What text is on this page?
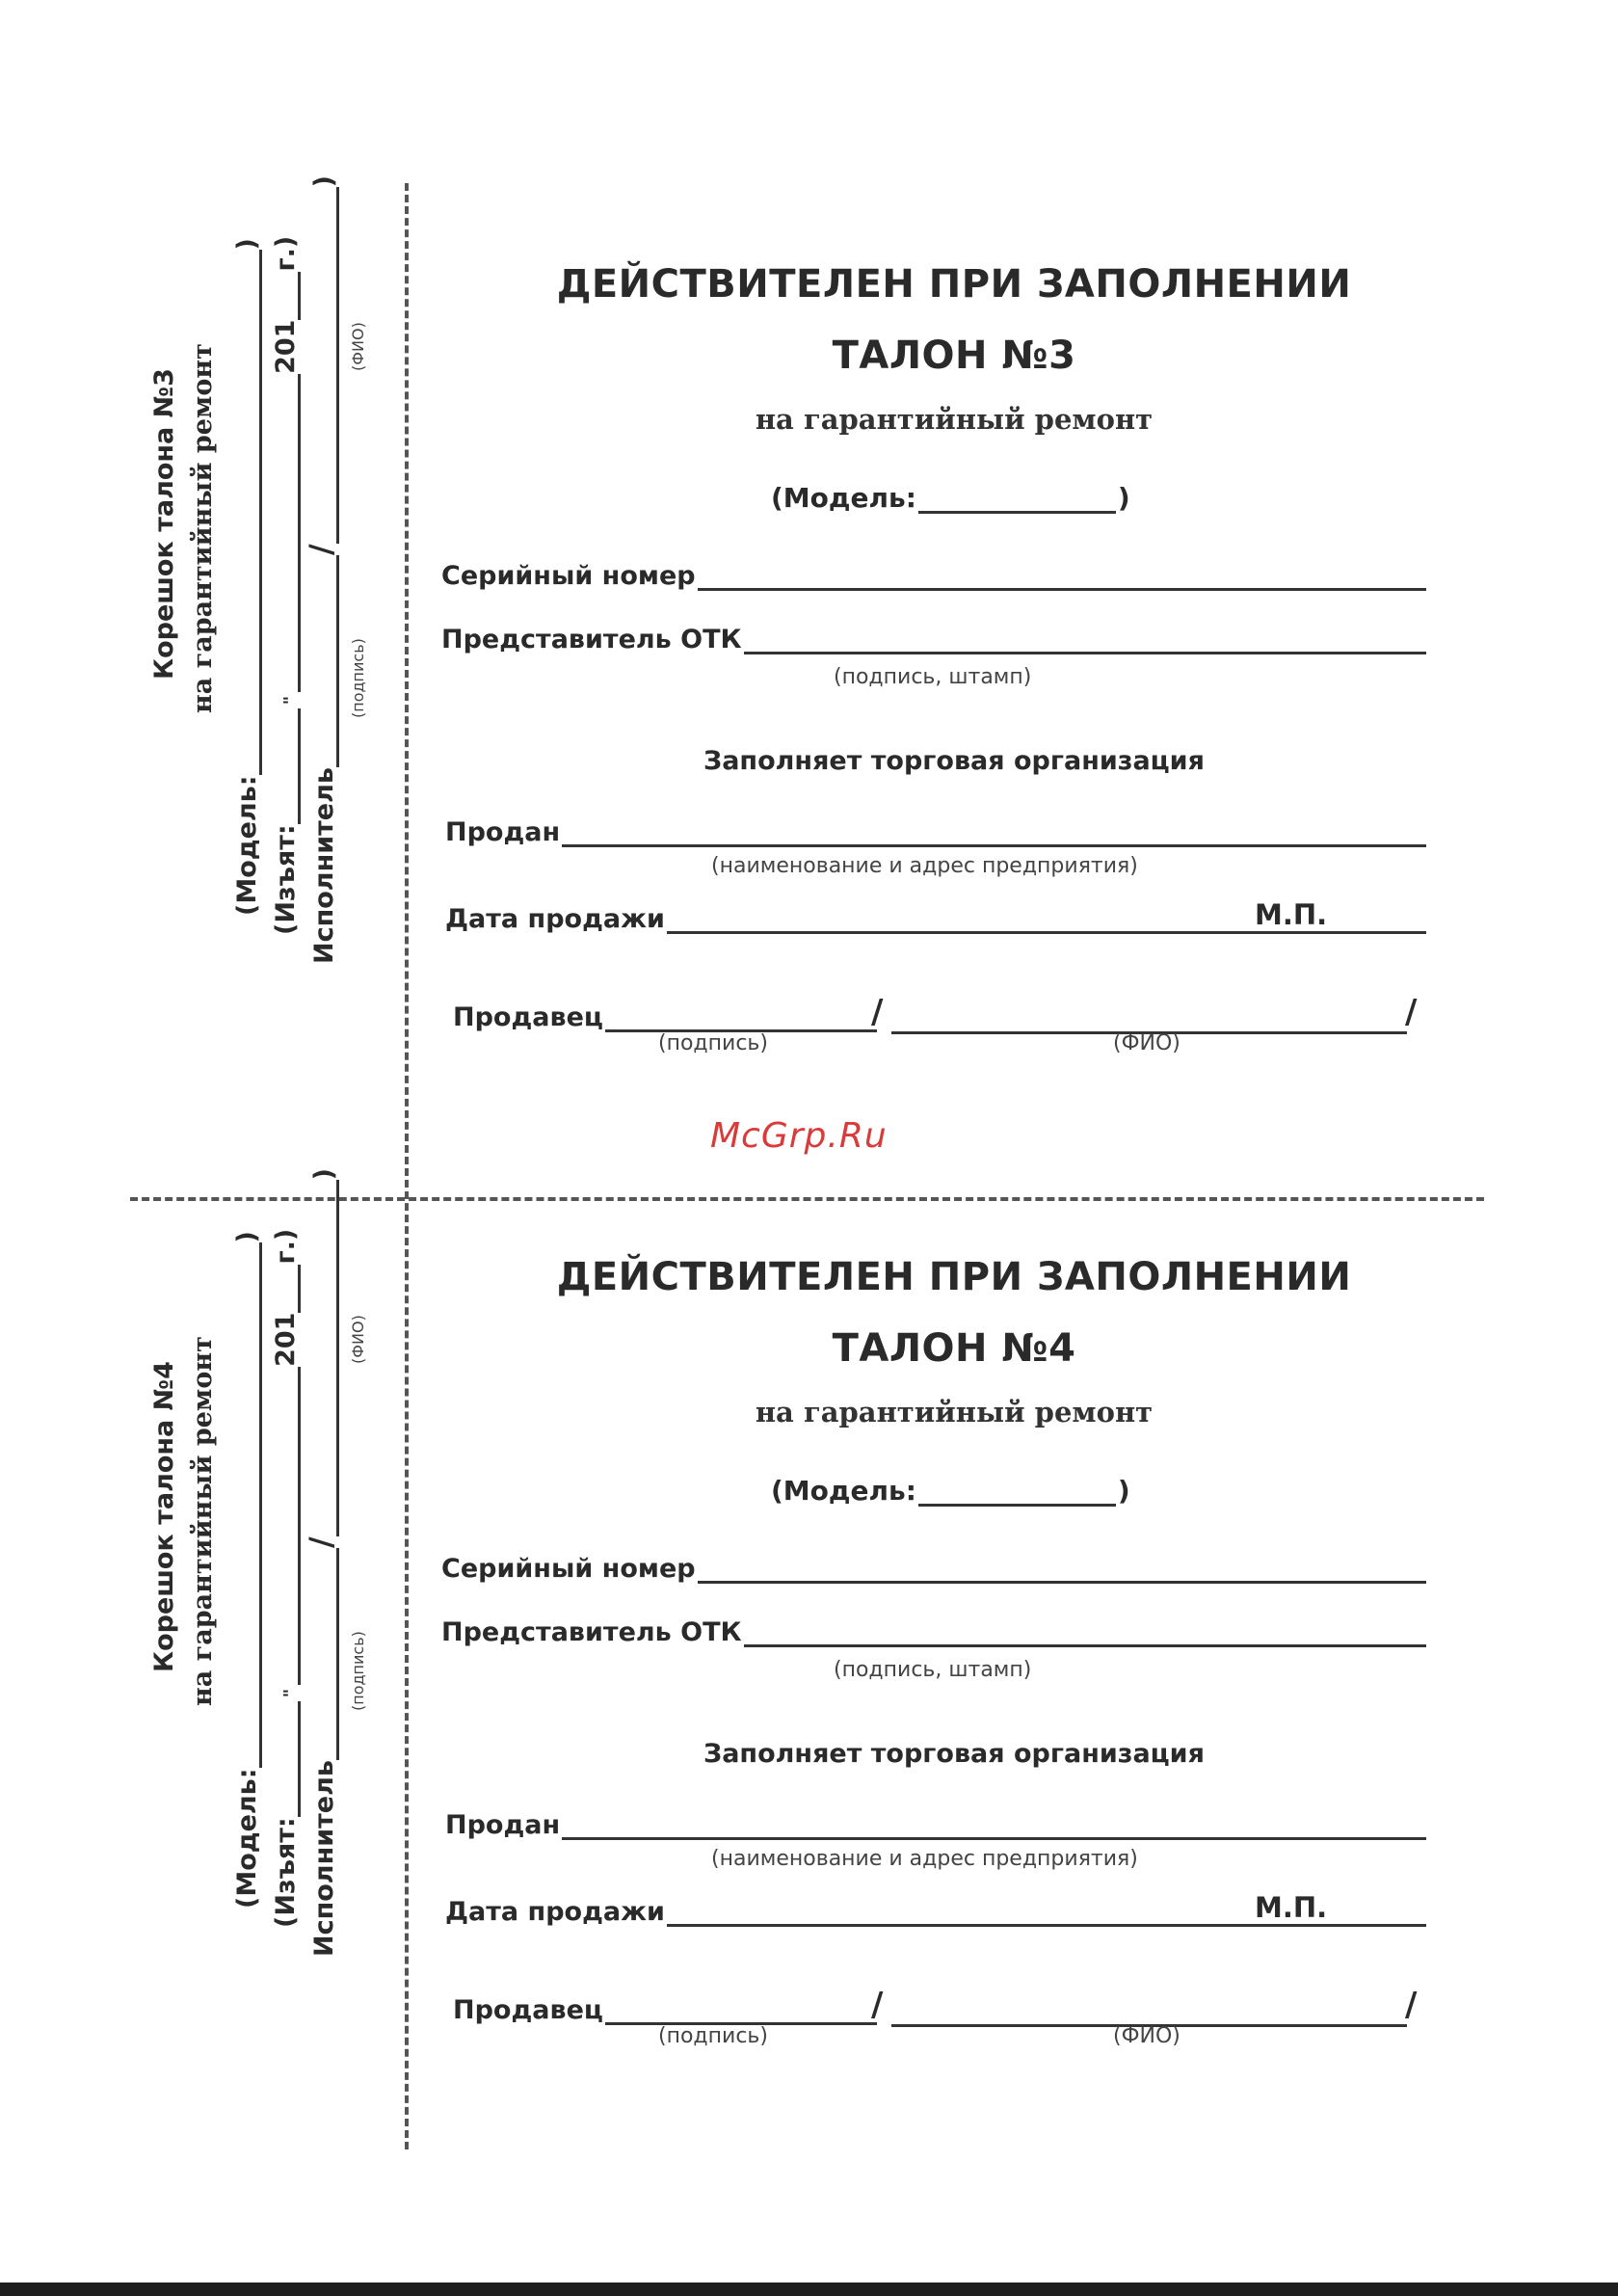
Корешок талона №3 на гарантийный ремонт
(Модель:
)
(Изъят:
"
201
г.)
Исполнитель
/
)
(подпись)
(ФИО)
ДЕЙСТВИТЕЛЕН ПРИ ЗАПОЛНЕНИИ
ТАЛОН №3
на гарантийный ремонт
(Модель:	)
Серийный номер
Представитель ОТК
(подпись, штамп)
Заполняет торговая организация
Продан
(наименование и адрес предприятия)
Дата продажи	М.П.
Продавец	/	/
(подпись)	(ФИО)
Корешок талона №4 на гарантийный ремонт
(Модель:
)
(Изъят:
"
201
г.)
Исполнитель
/
)
(подпись)
(ФИО)
ДЕЙСТВИТЕЛЕН ПРИ ЗАПОЛНЕНИИ
ТАЛОН №4
на гарантийный ремонт
(Модель:	)
Серийный номер
Представитель ОТК
(подпись, штамп)
Заполняет торговая организация
Продан
(наименование и адрес предприятия)
Дата продажи	М.П.
Продавец	/	/
(подпись)	(ФИО)
McGrp.Ru
